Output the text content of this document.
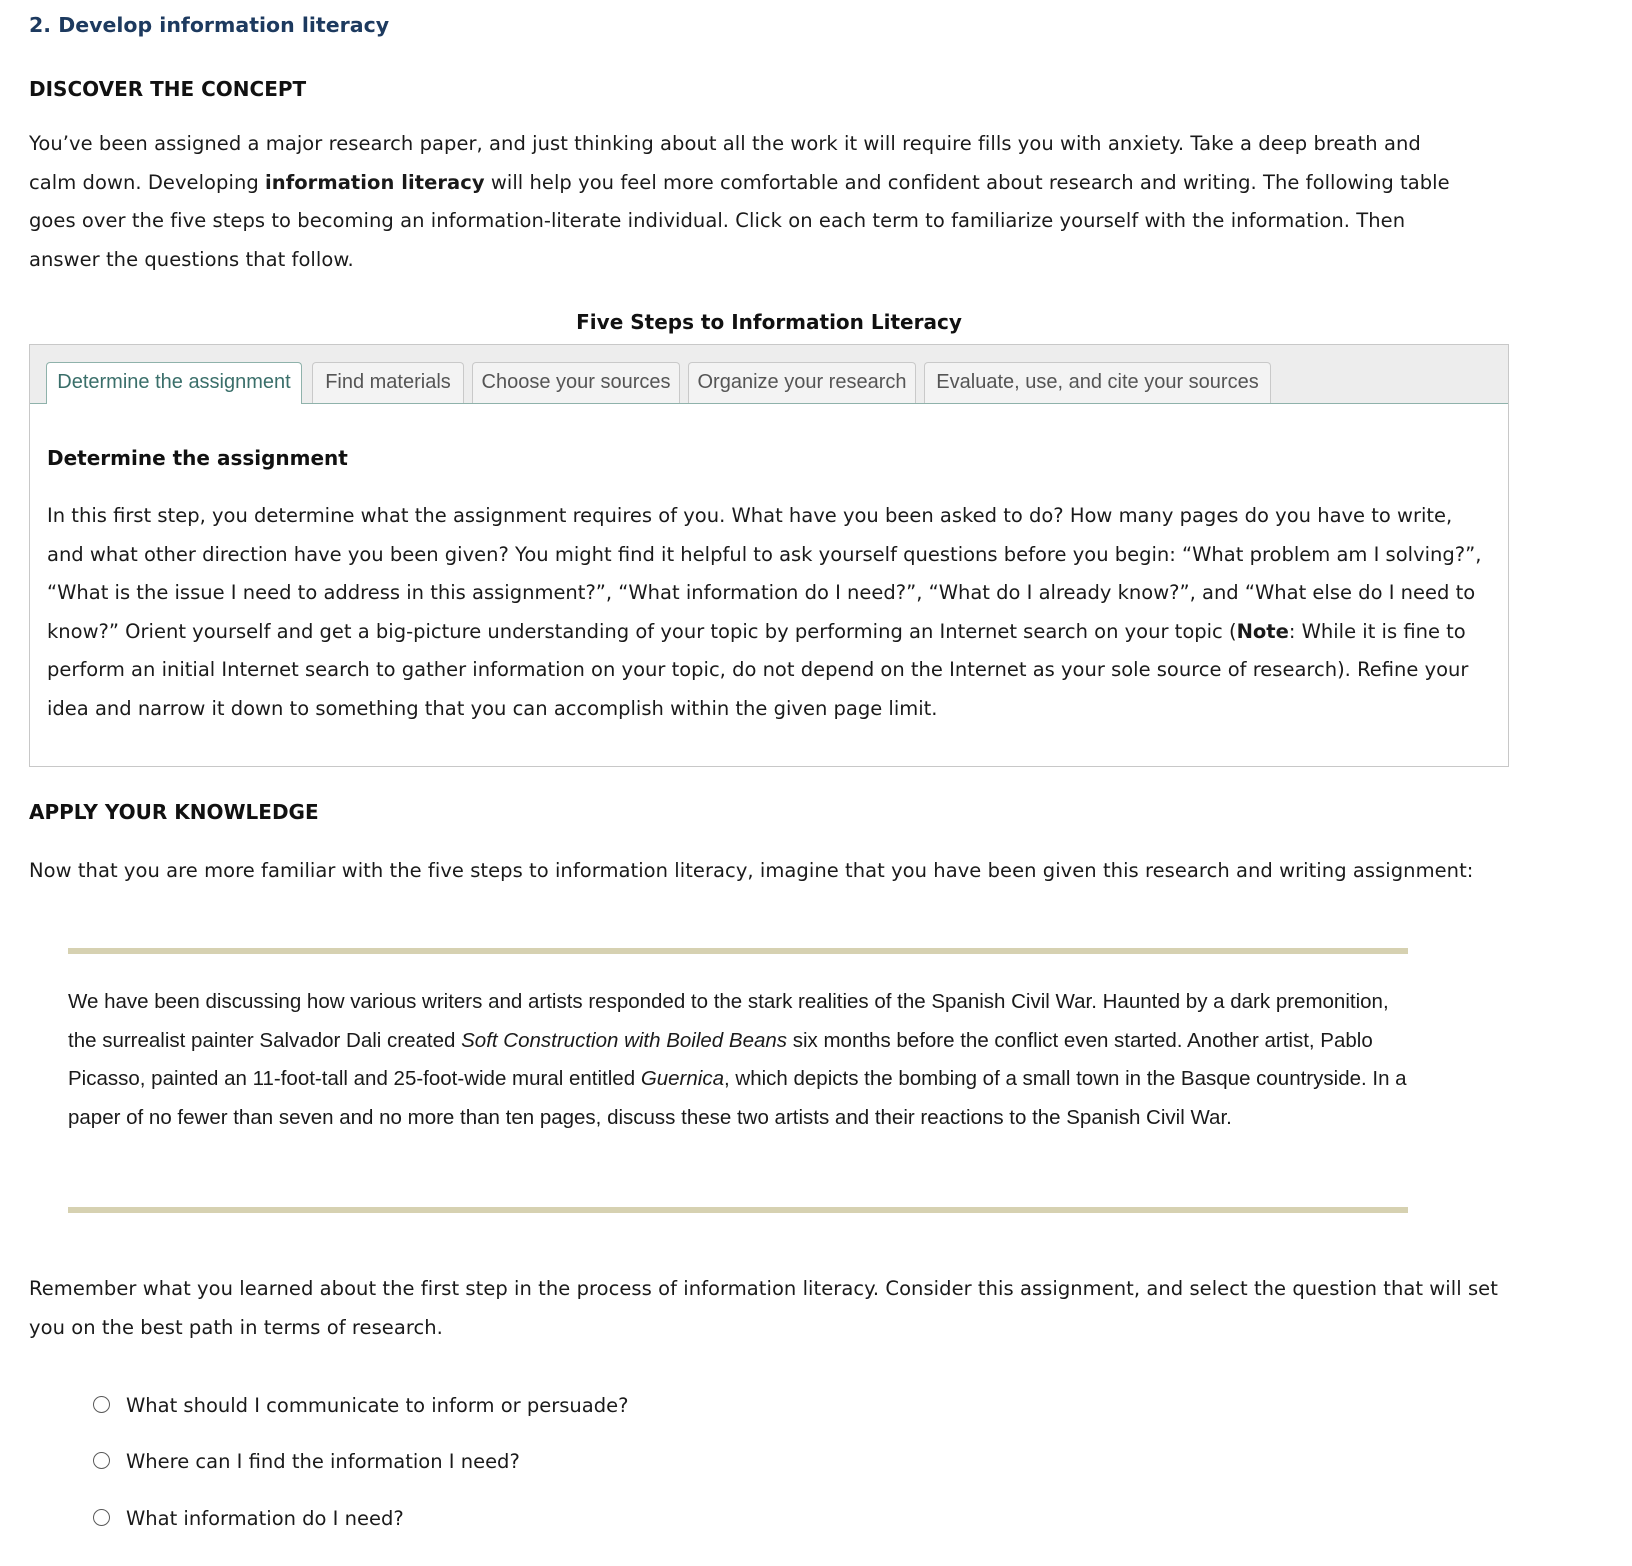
2. Develop information literacy
DISCOVER THE CONCEPT

You’ve been assigned a major research paper, and just thinking about all the work it will require fills you with anxiety. Take a deep breath and calm down. Developing information literacy will help you feel more comfortable and confident about research and writing. The following table goes over the five steps to becoming an information-literate individual. Click on each term to familiarize yourself with the information. Then answer the questions that follow.

Five Steps to Information Literacy
Determine the assignment	Find materials	Choose your sources	Organize your research	Evaluate, use, and cite your sources
Determine the assignment

In this first step, you determine what the assignment requires of you. What have you been asked to do? How many pages do you have to write, and what other direction have you been given? You might find it helpful to ask yourself questions before you begin: “What problem am I solving?”, “What is the issue I need to address in this assignment?”, “What information do I need?”, “What do I already know?”, and “What else do I need to know?” Orient yourself and get a big-picture understanding of your topic by performing an Internet search on your topic (Note: While it is fine to perform an initial Internet search to gather information on your topic, do not depend on the Internet as your sole source of research). Refine your idea and narrow it down to something that you can accomplish within the given page limit.

APPLY YOUR KNOWLEDGE

Now that you are more familiar with the five steps to information literacy, imagine that you have been given this research and writing assignment:

We have been discussing how various writers and artists responded to the stark realities of the Spanish Civil War. Haunted by a dark premonition, the surrealist painter Salvador Dali created Soft Construction with Boiled Beans six months before the conflict even started. Another artist, Pablo Picasso, painted an 11-foot-tall and 25-foot-wide mural entitled Guernica, which depicts the bombing of a small town in the Basque countryside. In a paper of no fewer than seven and no more than ten pages, discuss these two artists and their reactions to the Spanish Civil War.

Remember what you learned about the first step in the process of information literacy. Consider this assignment, and select the question that will set you on the best path in terms of research.

What should I communicate to inform or persuade?
Where can I find the information I need?
What information do I need?
